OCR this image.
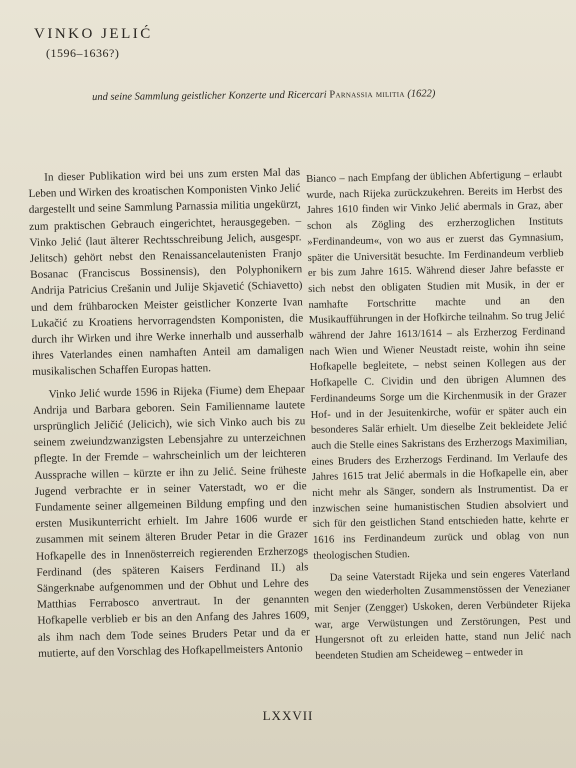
VINKO JELIĆ
(1596–1636?)
und seine Sammlung geistlicher Konzerte und Ricercari Parnassia militia (1622)

In dieser Publikation wird bei uns zum ersten Mal das Leben und Wirken des kroatischen Komponisten Vinko Jelić dargestellt und seine Sammlung Parnassia militia ungekürzt, zum praktischen Gebrauch eingerichtet, herausgegeben. – Vinko Jelić (laut älterer Rechtsschreibung Jelich, ausgespr. Jelitsch) gehört nebst den Renaissancelautenisten Franjo Bosanac (Franciscus Bossinensis), den Polyphonikern Andrija Patricius Crešanin und Julije Skjavetić (Schiavetto) und dem frühbarocken Meister geistlicher Konzerte Ivan Lukačić zu Kroatiens hervorragendsten Komponisten, die durch ihr Wirken und ihre Werke innerhalb und ausserhalb ihres Vaterlandes einen namhaften Anteil am damaligen musikalischen Schaffen Europas hatten.

Vinko Jelić wurde 1596 in Rijeka (Fiume) dem Ehepaar Andrija und Barbara geboren. Sein Familienname lautete ursprünglich Jeličić (Jelicich), wie sich Vinko auch bis zu seinem zweiundzwanzigsten Lebensjahre zu unterzeichnen pflegte. In der Fremde – wahrscheinlich um der leichteren Aussprache willen – kürzte er ihn zu Jelić. Seine früheste Jugend verbrachte er in seiner Vaterstadt, wo er die Fundamente seiner allgemeinen Bildung empfing und den ersten Musikunterricht erhielt. Im Jahre 1606 wurde er zusammen mit seinem älteren Bruder Petar in die Grazer Hofkapelle des in Innenösterreich regierenden Erzherzogs Ferdinand (des späteren Kaisers Ferdinand II.) als Sängerknabe aufgenommen und der Obhut und Lehre des Matthias Ferrabosco anvertraut. In der genannten Hofkapelle verblieb er bis an den Anfang des Jahres 1609, als ihm nach dem Tode seines Bruders Petar und da er mutierte, auf den Vorschlag des Hofkapellmeisters Antonio

Bianco – nach Empfang der üblichen Abfertigung – erlaubt wurde, nach Rijeka zurückzukehren. Bereits im Herbst des Jahres 1610 finden wir Vinko Jelić abermals in Graz, aber schon als Zögling des erzherzoglichen Instituts »Ferdinandeum«, von wo aus er zuerst das Gymnasium, später die Universität besuchte. Im Ferdinandeum verblieb er bis zum Jahre 1615. Während dieser Jahre befasste er sich nebst den obligaten Studien mit Musik, in der er namhafte Fortschritte machte und an den Musikaufführungen in der Hofkirche teilnahm. So trug Jelić während der Jahre 1613/1614 – als Erzherzog Ferdinand nach Wien und Wiener Neustadt reiste, wohin ihn seine Hofkapelle begleitete, – nebst seinen Kollegen aus der Hofkapelle C. Cividin und den übrigen Alumnen des Ferdinandeums Sorge um die Kirchenmusik in der Grazer Hof- und in der Jesuitenkirche, wofür er später auch ein besonderes Salär erhielt. Um dieselbe Zeit bekleidete Jelić auch die Stelle eines Sakristans des Erzherzogs Maximilian, eines Bruders des Erzherzogs Ferdinand. Im Verlaufe des Jahres 1615 trat Jelić abermals in die Hofkapelle ein, aber nicht mehr als Sänger, sondern als Instrumentist. Da er inzwischen seine humanistischen Studien absolviert und sich für den geistlichen Stand entschieden hatte, kehrte er 1616 ins Ferdinandeum zurück und oblag von nun theologischen Studien.

Da seine Vaterstadt Rijeka und sein engeres Vaterland wegen den wiederholten Zusammenstössen der Venezianer mit Senjer (Zengger) Uskoken, deren Verbündeter Rijeka war, arge Verwüstungen und Zerstörungen, Pest und Hungersnot oft zu erleiden hatte, stand nun Jelić nach beendeten Studien am Scheideweg – entweder in

LXXVII
